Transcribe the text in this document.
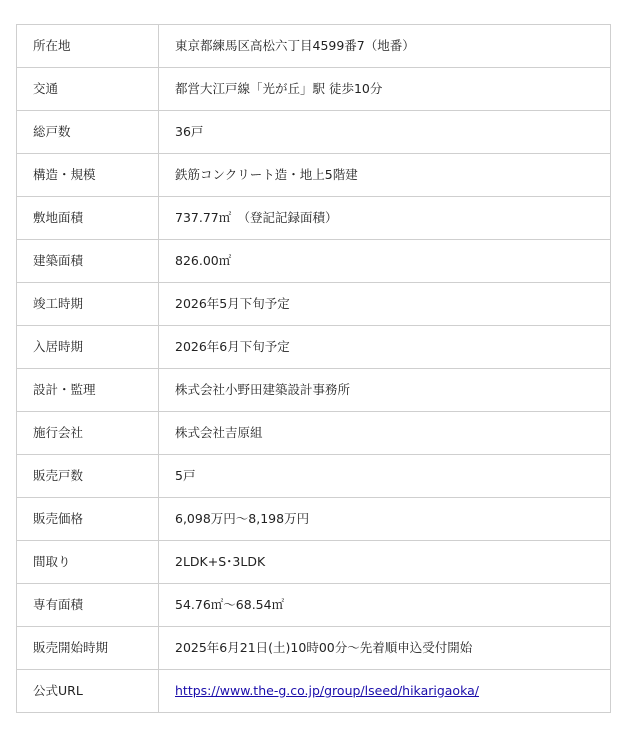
所在地	東京都練馬区高松六丁目4599番7（地番）
交通	都営大江戸線「光が丘」駅 徒歩10分
総戸数	36戸
構造・規模	鉄筋コンクリート造・地上5階建
敷地面積	737.77㎡　（登記記録面積）
建築面積	826.00㎡
竣工時期	2026年5月下旬予定
入居時期	2026年6月下旬予定
設計・監理	株式会社小野田建築設計事務所
施行会社	株式会社吉原組
販売戸数	5戸
販売価格	6,098万円～8,198万円
間取り	2LDK+S･3LDK
専有面積	54.76㎡～68.54㎡
販売開始時期	2025年6月21日(土)10時00分～先着順申込受付開始
公式URL	https://www.the-g.co.jp/group/lseed/hikarigaoka/
